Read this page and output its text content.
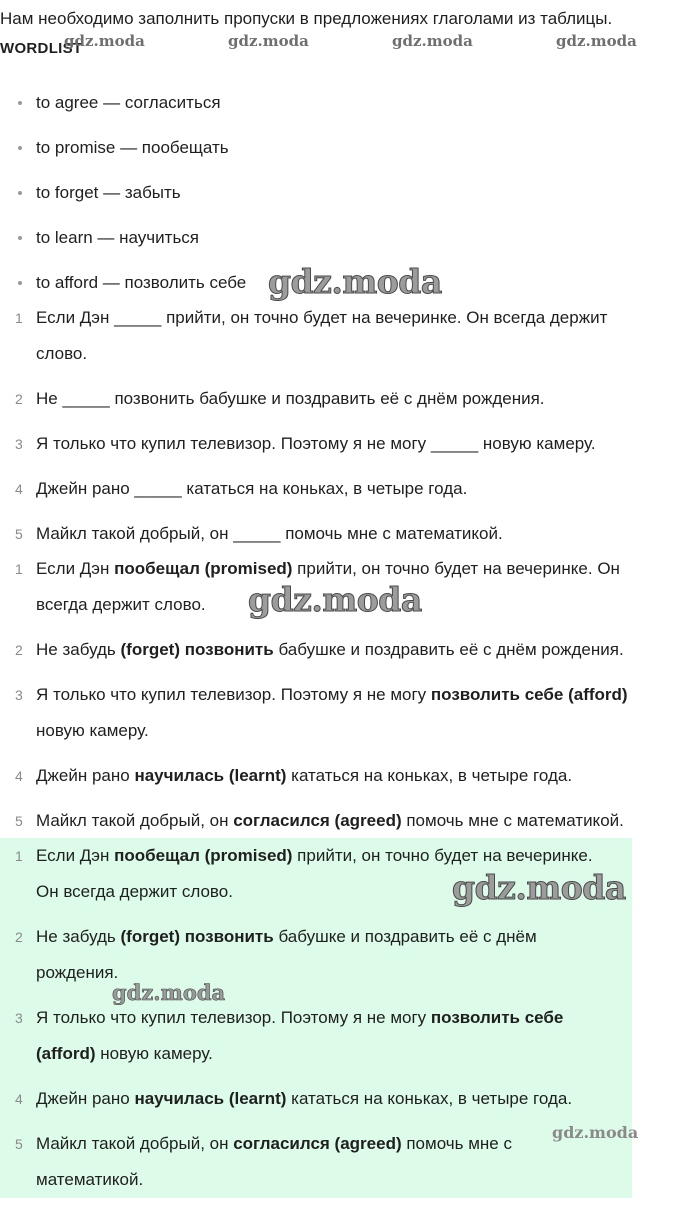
Нам необходимо заполнить пропуски в предложениях глаголами из таблицы.
WORDLIST
gdz.moda	gdz.moda	gdz.moda	gdz.moda
to agree — согласиться
to promise — пообещать
to forget — забыть
to learn — научиться
to afford — позволить себе
1 Если Дэн _____ прийти, он точно будет на вечеринке. Он всегда держит
слово.
2 Не _____ позвонить бабушке и поздравить её с днём рождения.
3 Я только что купил телевизор. Поэтому я не могу _____ новую камеру.
4 Джейн рано _____ кататься на коньках, в четыре года.
5 Майкл такой добрый, он _____ помочь мне с математикой.
1 Если Дэн пообещал (promised) прийти, он точно будет на вечеринке. Он
всегда держит слово.
2 Не забудь (forget) позвонить бабушке и поздравить её с днём рождения.
3 Я только что купил телевизор. Поэтому я не могу позволить себе (afford)
новую камеру.
4 Джейн рано научилась (learnt) кататься на коньках, в четыре года.
5 Майкл такой добрый, он согласился (agreed) помочь мне с математикой.
1 Если Дэн пообещал (promised) прийти, он точно будет на вечеринке.
Он всегда держит слово.
2 Не забудь (forget) позвонить бабушке и поздравить её с днём
рождения.
3 Я только что купил телевизор. Поэтому я не могу позволить себе
(afford) новую камеру.
4 Джейн рано научилась (learnt) кататься на коньках, в четыре года.
5 Майкл такой добрый, он согласился (agreed) помочь мне с
математикой.
gdz.moda
gdz.moda
gdz.moda
gdz.moda
gdz.moda
